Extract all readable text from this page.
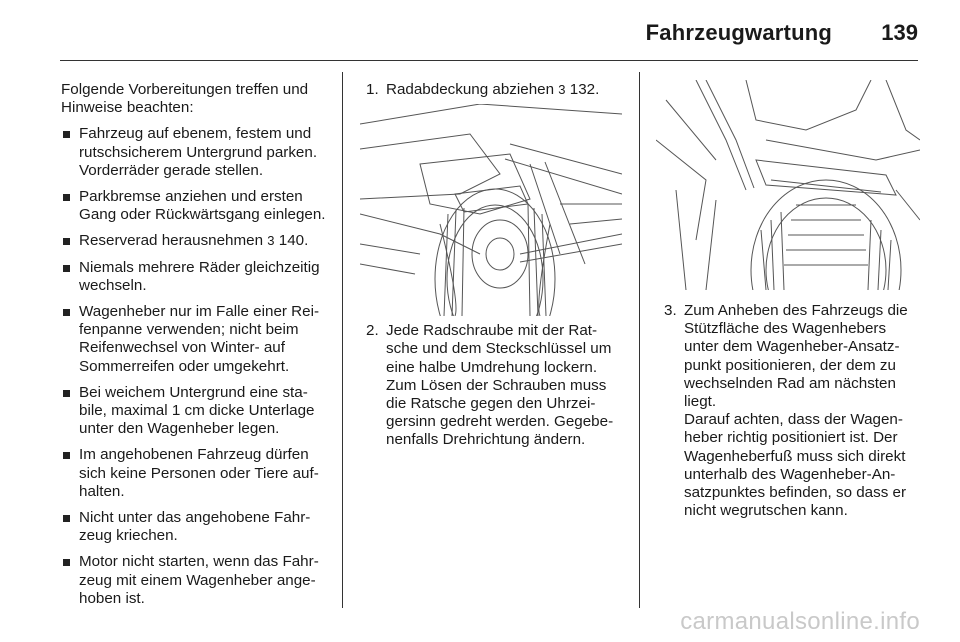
Fahrzeugwartung 139

Folgende Vorbereitungen treffen und Hinweise beachten:

Fahrzeug auf ebenem, festem und rutschsicherem Untergrund parken. Vorderräder gerade stellen.

Parkbremse anziehen und ersten Gang oder Rückwärtsgang einlegen.

Reserverad herausnehmen 3 140.

Niemals mehrere Räder gleichzeitig wechseln.

Wagenheber nur im Falle einer Reifenpanne verwenden; nicht beim Reifenwechsel von Winter- auf Sommerreifen oder umgekehrt.

Bei weichem Untergrund eine stabile, maximal 1 cm dicke Unterlage unter den Wagenheber legen.

Im angehobenen Fahrzeug dürfen sich keine Personen oder Tiere aufhalten.

Nicht unter das angehobene Fahrzeug kriechen.

Motor nicht starten, wenn das Fahrzeug mit einem Wagenheber angehoben ist.

1. Radabdeckung abziehen 3 132.
2. Jede Radschraube mit der Ratsche und dem Steckschlüssel um eine halbe Umdrehung lockern. Zum Lösen der Schrauben muss die Ratsche gegen den Uhrzeigersinn gedreht werden. Gegebenenfalls Drehrichtung ändern.
3. Zum Anheben des Fahrzeugs die Stützfläche des Wagenhebers unter dem Wagenheber-Ansatzpunkt positionieren, der dem zu wechselnden Rad am nächsten liegt.

Darauf achten, dass der Wagenheber richtig positioniert ist. Der Wagenheberfuß muss sich direkt unterhalb des Wagenheber-Ansatzpunktes befinden, so dass er nicht wegrutschen kann.

carmanualsonline.info
